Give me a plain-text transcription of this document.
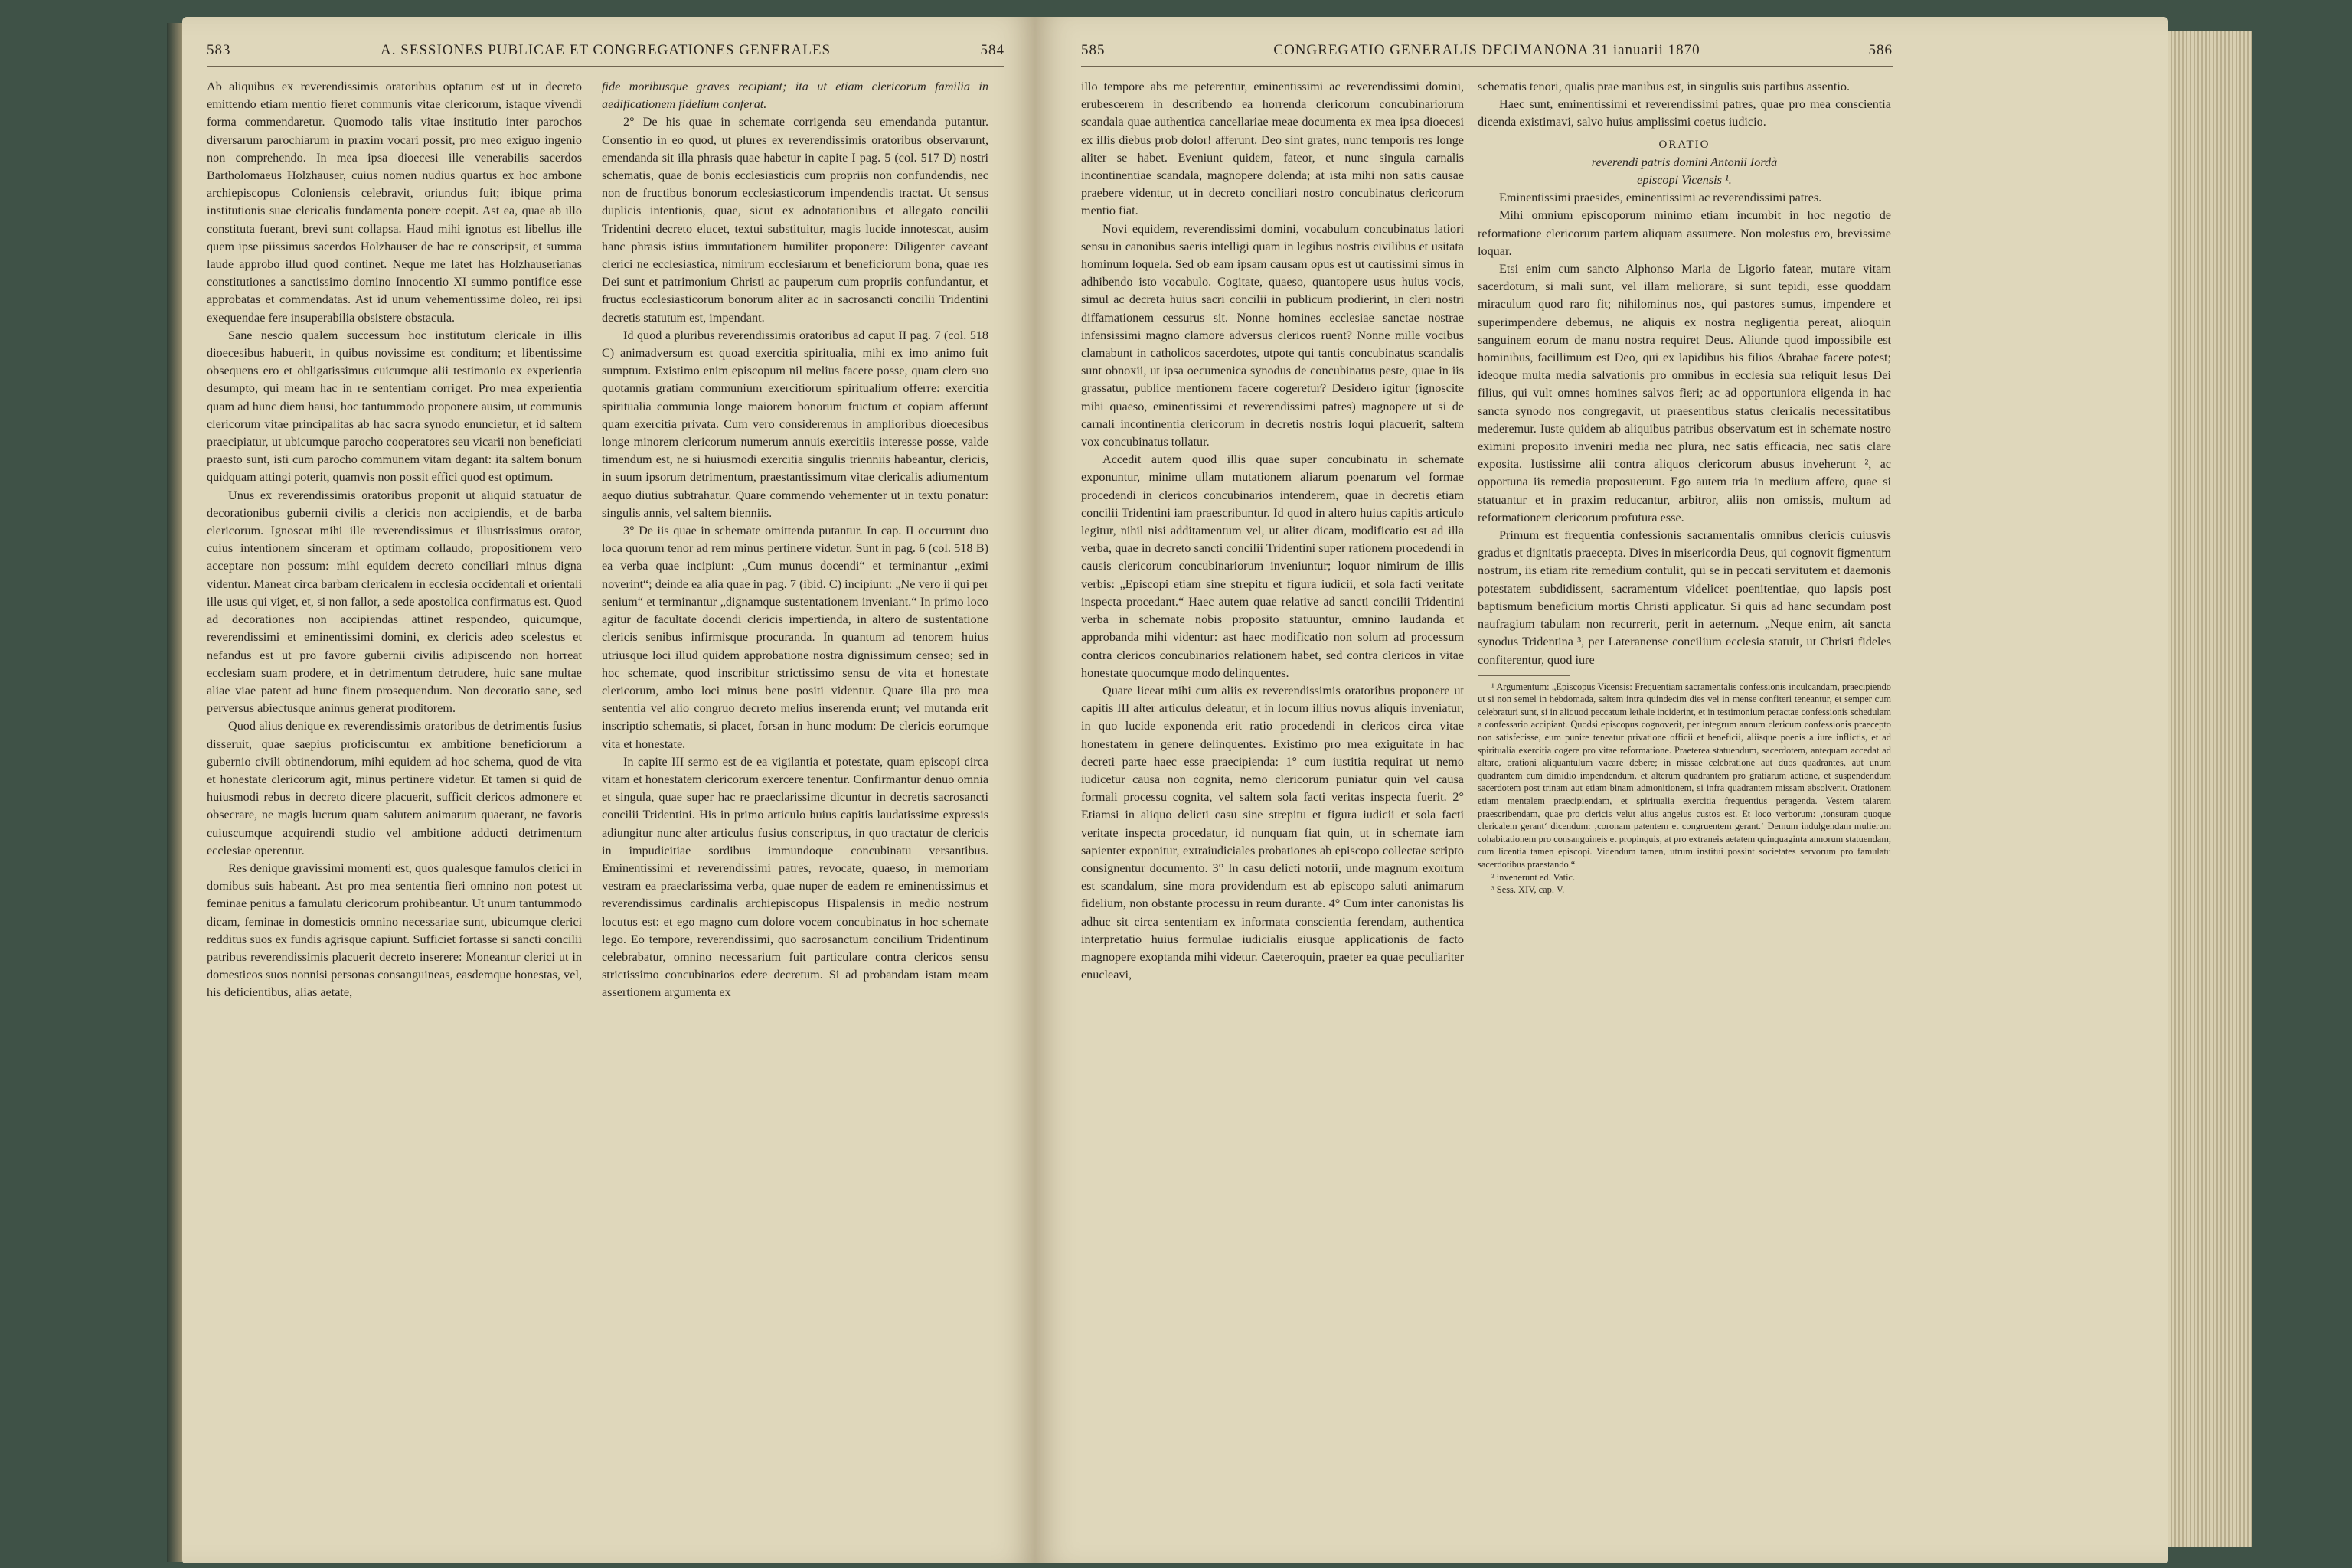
583	A. SESSIONES PUBLICAE ET CONGREGATIONES GENERALES	584

Ab aliquibus ex reverendissimis oratoribus optatum est ut in decreto emittendo etiam mentio fieret communis vitae clericorum, istaque vivendi forma commendaretur. Quomodo talis vitae institutio inter parochos diversarum parochiarum in praxim vocari possit, pro meo exiguo ingenio non comprehendo. In mea ipsa dioecesi ille venerabilis sacerdos Bartholomaeus Holzhauser, cuius nomen nudius quartus ex hoc ambone archiepiscopus Coloniensis celebravit, oriundus fuit; ibique prima institutionis suae clericalis fundamenta ponere coepit. Ast ea, quae ab illo constituta fuerant, brevi sunt collapsa. Haud mihi ignotus est libellus ille quem ipse piissimus sacerdos Holzhauser de hac re conscripsit, et summa laude approbo illud quod continet. Neque me latet has Holzhauserianas constitutiones a sanctissimo domino Innocentio XI summo pontifice esse approbatas et commendatas. Ast id unum vehementissime doleo, rei ipsi exequendae fere insuperabilia obsistere obstacula.

Sane nescio qualem successum hoc institutum clericale in illis dioecesibus habuerit, in quibus novissime est conditum; et libentissime obsequens ero et obligatissimus cuicumque alii testimonio ex experientia desumpto, qui meam hac in re sententiam corriget. Pro mea experientia quam ad hunc diem hausi, hoc tantummodo proponere ausim, ut communis clericorum vitae principalitas ab hac sacra synodo enuncietur, et id saltem praecipiatur, ut ubicumque parocho cooperatores seu vicarii non beneficiati praesto sunt, isti cum parocho communem vitam degant: ita saltem bonum quidquam attingi poterit, quamvis non possit effici quod est optimum.

Unus ex reverendissimis oratoribus proponit ut aliquid statuatur de decorationibus gubernii civilis a clericis non accipiendis, et de barba clericorum. Ignoscat mihi ille reverendissimus et illustrissimus orator, cuius intentionem sinceram et optimam collaudo, propositionem vero acceptare non possum: mihi equidem decreto conciliari minus digna videntur. Maneat circa barbam clericalem in ecclesia occidentali et orientali ille usus qui viget, et, si non fallor, a sede apostolica confirmatus est. Quod ad decorationes non accipiendas attinet respondeo, quicumque, reverendissimi et eminentissimi domini, ex clericis adeo scelestus et nefandus est ut pro favore gubernii civilis adipiscendo non horreat ecclesiam suam prodere, et in detrimentum detrudere, huic sane multae aliae viae patent ad hunc finem prosequendum. Non decoratio sane, sed perversus abiectusque animus generat proditorem.

Quod alius denique ex reverendissimis oratoribus de detrimentis fusius disseruit, quae saepius proficiscuntur ex ambitione beneficiorum a gubernio civili obtinendorum, mihi equidem ad hoc schema, quod de vita et honestate clericorum agit, minus pertinere videtur. Et tamen si quid de huiusmodi rebus in decreto dicere placuerit, sufficit clericos admonere et obsecrare, ne magis lucrum quam salutem animarum quaerant, ne favoris cuiuscumque acquirendi studio vel ambitione adducti detrimentum ecclesiae operentur.

Res denique gravissimi momenti est, quos qualesque famulos clerici in domibus suis habeant. Ast pro mea sententia fieri omnino non potest ut feminae penitus a famulatu clericorum prohibeantur. Ut unum tantummodo dicam, feminae in domesticis omnino necessariae sunt, ubicumque clerici redditus suos ex fundis agrisque capiunt. Sufficiet fortasse si sancti concilii patribus reverendissimis placuerit decreto inserere: Moneantur clerici ut in domesticos suos nonnisi personas consanguineas, easdemque honestas, vel, his deficientibus, alias aetate,

fide moribusque graves recipiant; ita ut etiam clericorum familia in aedificationem fidelium conferat.

2° De his quae in schemate corrigenda seu emendanda putantur. Consentio in eo quod, ut plures ex reverendissimis oratoribus observarunt, emendanda sit illa phrasis quae habetur in capite I pag. 5 (col. 517 D) nostri schematis, quae de bonis ecclesiasticis cum propriis non confundendis, nec non de fructibus bonorum ecclesiasticorum impendendis tractat. Ut sensus duplicis intentionis, quae, sicut ex adnotationibus et allegato concilii Tridentini decreto elucet, textui substituitur, magis lucide innotescat, ausim hanc phrasis istius immutationem humiliter proponere: Diligenter caveant clerici ne ecclesiastica, nimirum ecclesiarum et beneficiorum bona, quae res Dei sunt et patrimonium Christi ac pauperum cum propriis confundantur, et fructus ecclesiasticorum bonorum aliter ac in sacrosancti concilii Tridentini decretis statutum est, impendant.

Id quod a pluribus reverendissimis oratoribus ad caput II pag. 7 (col. 518 C) animadversum est quoad exercitia spiritualia, mihi ex imo animo fuit sumptum. Existimo enim episcopum nil melius facere posse, quam clero suo quotannis gratiam communium exercitiorum spiritualium offerre: exercitia spiritualia communia longe maiorem bonorum fructum et copiam afferunt quam exercitia privata. Cum vero consideremus in amplioribus dioecesibus longe minorem clericorum numerum annuis exercitiis interesse posse, valde timendum est, ne si huiusmodi exercitia singulis trienniis habeantur, clericis, in suum ipsorum detrimentum, praestantissimum vitae clericalis adiumentum aequo diutius subtrahatur. Quare commendo vehementer ut in textu ponatur: singulis annis, vel saltem bienniis.

3° De iis quae in schemate omittenda putantur. In cap. II occurrunt duo loca quorum tenor ad rem minus pertinere videtur. Sunt in pag. 6 (col. 518 B) ea verba quae incipiunt: „Cum munus docendi“ et terminantur „eximi noverint“; deinde ea alia quae in pag. 7 (ibid. C) incipiunt: „Ne vero ii qui per senium“ et terminantur „dignamque sustentationem inveniant.“ In primo loco agitur de facultate docendi clericis impertienda, in altero de sustentatione clericis senibus infirmisque procuranda. In quantum ad tenorem huius utriusque loci illud quidem approbatione nostra dignissimum censeo; sed in hoc schemate, quod inscribitur strictissimo sensu de vita et honestate clericorum, ambo loci minus bene positi videntur. Quare illa pro mea sententia vel alio congruo decreto melius inserenda erunt; vel mutanda erit inscriptio schematis, si placet, forsan in hunc modum: De clericis eorumque vita et honestate.

In capite III sermo est de ea vigilantia et potestate, quam episcopi circa vitam et honestatem clericorum exercere tenentur. Confirmantur denuo omnia et singula, quae super hac re praeclarissime dicuntur in decretis sacrosancti concilii Tridentini. His in primo articulo huius capitis laudatissime expressis adiungitur nunc alter articulus fusius conscriptus, in quo tractatur de clericis in impudicitiae sordibus immundoque concubinatu versantibus. Eminentissimi et reverendissimi patres, revocate, quaeso, in memoriam vestram ea praeclarissima verba, quae nuper de eadem re eminentissimus et reverendissimus cardinalis archiepiscopus Hispalensis in medio nostrum locutus est: et ego magno cum dolore vocem concubinatus in hoc schemate lego. Eo tempore, reverendissimi, quo sacrosanctum concilium Tridentinum celebrabatur, omnino necessarium fuit particulare contra clericos sensu strictissimo concubinarios edere decretum. Si ad probandam istam meam assertionem argumenta ex

585	CONGREGATIO GENERALIS DECIMANONA 31 ianuarii 1870	586

illo tempore abs me peterentur, eminentissimi ac reverendissimi domini, erubescerem in describendo ea horrenda clericorum concubinariorum scandala quae authentica cancellariae meae documenta ex mea ipsa dioecesi ex illis diebus prob dolor! afferunt. Deo sint grates, nunc temporis res longe aliter se habet. Eveniunt quidem, fateor, et nunc singula carnalis incontinentiae scandala, magnopere dolenda; at ista mihi non satis causae praebere videntur, ut in decreto conciliari nostro concubinatus clericorum mentio fiat.

Novi equidem, reverendissimi domini, vocabulum concubinatus latiori sensu in canonibus saeris intelligi quam in legibus nostris civilibus et usitata hominum loquela. Sed ob eam ipsam causam opus est ut cautissimi simus in adhibendo isto vocabulo. Cogitate, quaeso, quantopere usus huius vocis, simul ac decreta huius sacri concilii in publicum prodierint, in cleri nostri diffamationem cessurus sit. Nonne homines ecclesiae sanctae nostrae infensissimi magno clamore adversus clericos ruent? Nonne mille vocibus clamabunt in catholicos sacerdotes, utpote qui tantis concubinatus scandalis sunt obnoxii, ut ipsa oecumenica synodus de concubinatus peste, quae in iis grassatur, publice mentionem facere cogeretur? Desidero igitur (ignoscite mihi quaeso, eminentissimi et reverendissimi patres) magnopere ut si de carnali incontinentia clericorum in decretis nostris loqui placuerit, saltem vox concubinatus tollatur.

Accedit autem quod illis quae super concubinatu in schemate exponuntur, minime ullam mutationem aliarum poenarum vel formae procedendi in clericos concubinarios intenderem, quae in decretis etiam concilii Tridentini iam praescribuntur. Id quod in altero huius capitis articulo legitur, nihil nisi additamentum vel, ut aliter dicam, modificatio est ad illa verba, quae in decreto sancti concilii Tridentini super rationem procedendi in causis clericorum concubinariorum inveniuntur; loquor nimirum de illis verbis: „Episcopi etiam sine strepitu et figura iudicii, et sola facti veritate inspecta procedant.“ Haec autem quae relative ad sancti concilii Tridentini verba in schemate nobis proposito statuuntur, omnino laudanda et approbanda mihi videntur: ast haec modificatio non solum ad processum contra clericos concubinarios relationem habet, sed contra clericos in vitae honestate quocumque modo delinquentes.

Quare liceat mihi cum aliis ex reverendissimis oratoribus proponere ut capitis III alter articulus deleatur, et in locum illius novus aliquis inveniatur, in quo lucide exponenda erit ratio procedendi in clericos circa vitae honestatem in genere delinquentes. Existimo pro mea exiguitate in hac decreti parte haec esse praecipienda: 1° cum iustitia requirat ut nemo iudicetur causa non cognita, nemo clericorum puniatur quin vel causa formali processu cognita, vel saltem sola facti veritas inspecta fuerit. 2° Etiamsi in aliquo delicti casu sine strepitu et figura iudicii et sola facti veritate inspecta procedatur, id nunquam fiat quin, ut in schemate iam sapienter exponitur, extraiudiciales probationes ab episcopo collectae scripto consignentur documento. 3° In casu delicti notorii, unde magnum exortum est scandalum, sine mora providendum est ab episcopo saluti animarum fidelium, non obstante processu in reum durante. 4° Cum inter canonistas lis adhuc sit circa sententiam ex informata conscientia ferendam, authentica interpretatio huius formulae iudicialis eiusque applicationis de facto magnopere exoptanda mihi videtur. Caeteroquin, praeter ea quae peculiariter enucleavi,

schematis tenori, qualis prae manibus est, in singulis suis partibus assentio.

Haec sunt, eminentissimi et reverendissimi patres, quae pro mea conscientia dicenda existimavi, salvo huius amplissimi coetus iudicio.

ORATIO

reverendi patris domini Antonii Iordà

episcopi Vicensis ¹.

Eminentissimi praesides, eminentissimi ac reverendissimi patres.

Mihi omnium episcoporum minimo etiam incumbit in hoc negotio de reformatione clericorum partem aliquam assumere. Non molestus ero, brevissime loquar.

Etsi enim cum sancto Alphonso Maria de Ligorio fatear, mutare vitam sacerdotum, si mali sunt, vel illam meliorare, si sunt tepidi, esse quoddam miraculum quod raro fit; nihilominus nos, qui pastores sumus, impendere et superimpendere debemus, ne aliquis ex nostra negligentia pereat, alioquin sanguinem eorum de manu nostra requiret Deus. Aliunde quod impossibile est hominibus, facillimum est Deo, qui ex lapidibus his filios Abrahae facere potest; ideoque multa media salvationis pro omnibus in ecclesia sua reliquit Iesus Dei filius, qui vult omnes homines salvos fieri; ac ad opportuniora eligenda in hac sancta synodo nos congregavit, ut praesentibus status clericalis necessitatibus mederemur. Iuste quidem ab aliquibus patribus observatum est in schemate nostro eximini proposito inveniri media nec plura, nec satis efficacia, nec satis clare exposita. Iustissime alii contra aliquos clericorum abusus inveherunt ², ac opportuna iis remedia proposuerunt. Ego autem tria in medium affero, quae si statuantur et in praxim reducantur, arbitror, aliis non omissis, multum ad reformationem clericorum profutura esse.

Primum est frequentia confessionis sacramentalis omnibus clericis cuiusvis gradus et dignitatis praecepta. Dives in misericordia Deus, qui cognovit figmentum nostrum, iis etiam rite remedium contulit, qui se in peccati servitutem et daemonis potestatem subdidissent, sacramentum videlicet poenitentiae, quo lapsis post baptismum beneficium mortis Christi applicatur. Si quis ad hanc secundam post naufragium tabulam non recurrerit, perit in aeternum. „Neque enim, ait sancta synodus Tridentina ³, per Lateranense concilium ecclesia statuit, ut Christi fideles confiterentur, quod iure

¹ Argumentum: „Episcopus Vicensis: Frequentiam sacramentalis confessionis inculcandam, praecipiendo ut si non semel in hebdomada, saltem intra quindecim dies vel in mense confiteri teneantur, et semper cum celebraturi sunt, si in aliquod peccatum lethale inciderint, et in testimonium peractae confessionis schedulam a confessario accipiant. Quodsi episcopus cognoverit, per integrum annum clericum confessionis praecepto non satisfecisse, eum punire teneatur privatione officii et beneficii, aliisque poenis a iure inflictis, et ad spiritualia exercitia cogere pro vitae reformatione. Praeterea statuendum, sacerdotem, antequam accedat ad altare, orationi aliquantulum vacare debere; in missae celebratione aut duos quadrantes, aut unum quadrantem cum dimidio impendendum, et alterum quadrantem pro gratiarum actione, et suspendendum sacerdotem post trinam aut etiam binam admonitionem, si infra quadrantem missam absolverit. Orationem etiam mentalem praecipiendam, et spiritualia exercitia frequentius peragenda. Vestem talarem praescribendam, quae pro clericis velut alius angelus custos est. Et loco verborum: ‚tonsuram quoque clericalem gerant‘ dicendum: ‚coronam patentem et congruentem gerant.‘ Demum indulgendam mulierum cohabitationem pro consanguineis et propinquis, at pro extraneis aetatem quinquaginta annorum statuendam, cum licentia tamen episcopi. Videndum tamen, utrum institui possint societates servorum pro famulatu sacerdotibus praestando.“

² invenerunt ed. Vatic.

³ Sess. XIV, cap. V.
